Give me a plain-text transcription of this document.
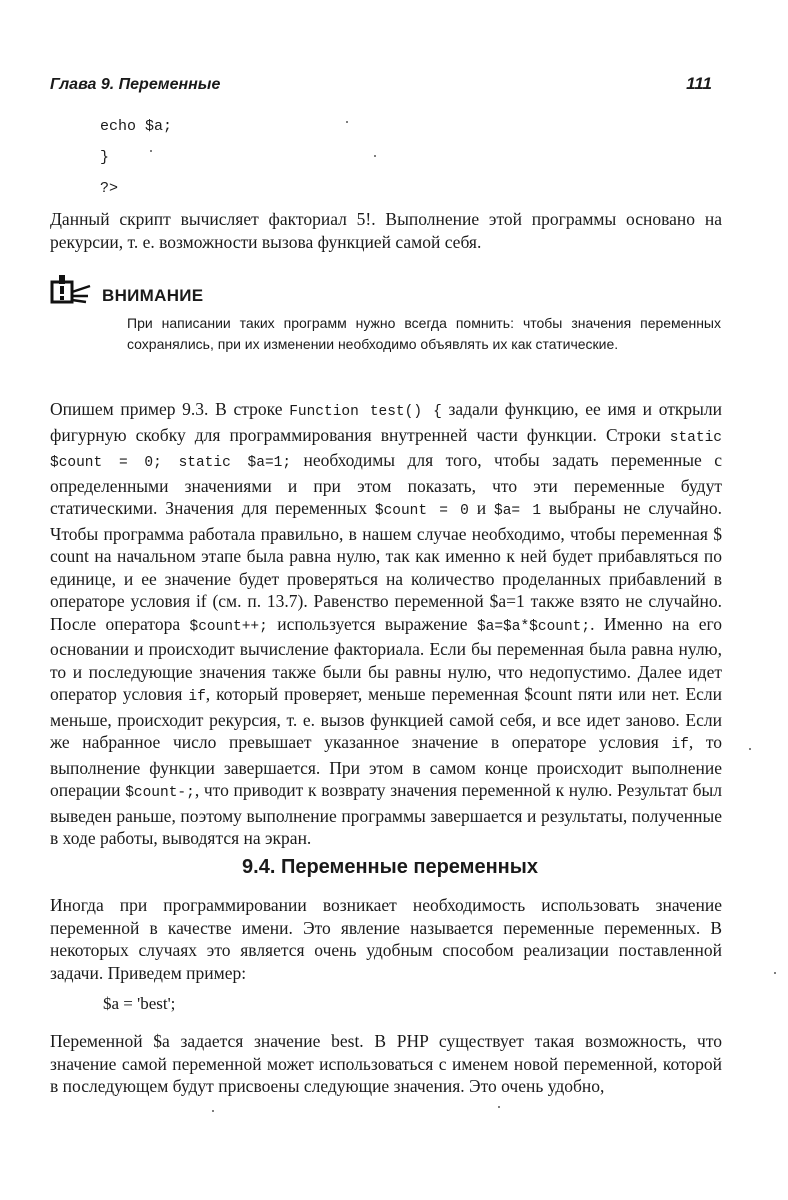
Глава 9. Переменные	111
echo $a;
}
?>

Данный скрипт вычисляет факториал 5!. Выполнение этой программы основано на рекурсии, т. е. возможности вызова функцией самой себя.

ВНИМАНИЕ

При написании таких программ нужно всегда помнить: чтобы значения переменных сохранялись, при их изменении необходимо объявлять их как статические.

Опишем пример 9.3. В строке Function test() { задали функцию, ее имя и открыли фигурную скобку для программирования внутренней части функции. Строки static $count = 0; static $a=1; необходимы для того, чтобы задать переменные с определенными значениями и при этом показать, что эти переменные будут статическими. Значения для переменных $count = 0 и $a= 1 выбраны не случайно. Чтобы программа работала правильно, в нашем случае необходимо, чтобы переменная $ count на начальном этапе была равна нулю, так как именно к ней будет прибавляться по единице, и ее значение будет проверяться на количество проделанных прибавлений в операторе условия if (см. п. 13.7). Равенство переменной $a=1 также взято не случайно. После оператора $count++; используется выражение $a=$a*$count;. Именно на его основании и происходит вычисление факториала. Если бы переменная была равна нулю, то и последующие значения также были бы равны нулю, что недопустимо. Далее идет оператор условия if, который проверяет, меньше переменная $count пяти или нет. Если меньше, происходит рекурсия, т. е. вызов функцией самой себя, и все идет заново. Если же набранное число превышает указанное значение в операторе условия if, то выполнение функции завершается. При этом в самом конце происходит выполнение операции $count-;, что приводит к возврату значения переменной к нулю. Результат был выведен раньше, поэтому выполнение программы завершается и результаты, полученные в ходе работы, выводятся на экран.

9.4. Переменные переменных

Иногда при программировании возникает необходимость использовать значение переменной в качестве имени. Это явление называется переменные переменных. В некоторых случаях это является очень удобным способом реализации поставленной задачи. Приведем пример:

$a = 'best';

Переменной $a задается значение best. В PHP существует такая возможность, что значение самой переменной может использоваться с именем новой переменной, которой в последующем будут присвоены следующие значения. Это очень удобно,
